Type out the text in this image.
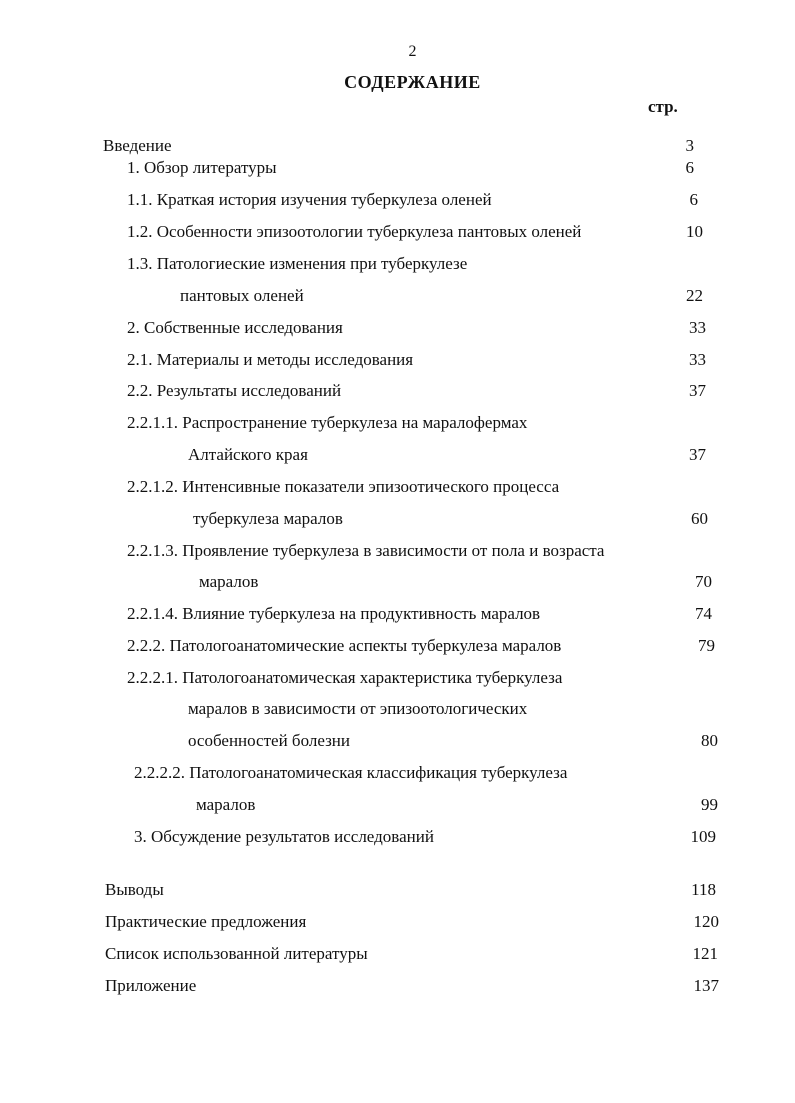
2
СОДЕРЖАНИЕ
стр.
Введение	3
1. Обзор литературы	6
1.1. Краткая история изучения туберкулеза оленей	6
1.2. Особенности эпизоотологии туберкулеза пантовых оленей	10
1.3. Патологиеские изменения при туберкулезе
пантовых оленей	22
2. Собственные исследования	33
2.1. Материалы и методы исследования	33
2.2. Результаты исследований	37
2.2.1.1. Распространение туберкулеза на маралофермах
Алтайского края	37
2.2.1.2. Интенсивные показатели эпизоотического процесса
туберкулеза маралов	60
2.2.1.3. Проявление туберкулеза в зависимости от пола и возраста
маралов	70
2.2.1.4. Влияние туберкулеза на продуктивность маралов	74
2.2.2. Патологоанатомические аспекты туберкулеза маралов	79
2.2.2.1. Патологоанатомическая характеристика туберкулеза
маралов в зависимости от эпизоотологических
особенностей болезни	80
2.2.2.2. Патологоанатомическая классификация туберкулеза
маралов	99
3. Обсуждение результатов исследований	109
Выводы	118
Практические предложения	120
Список использованной литературы	121
Приложение	137
